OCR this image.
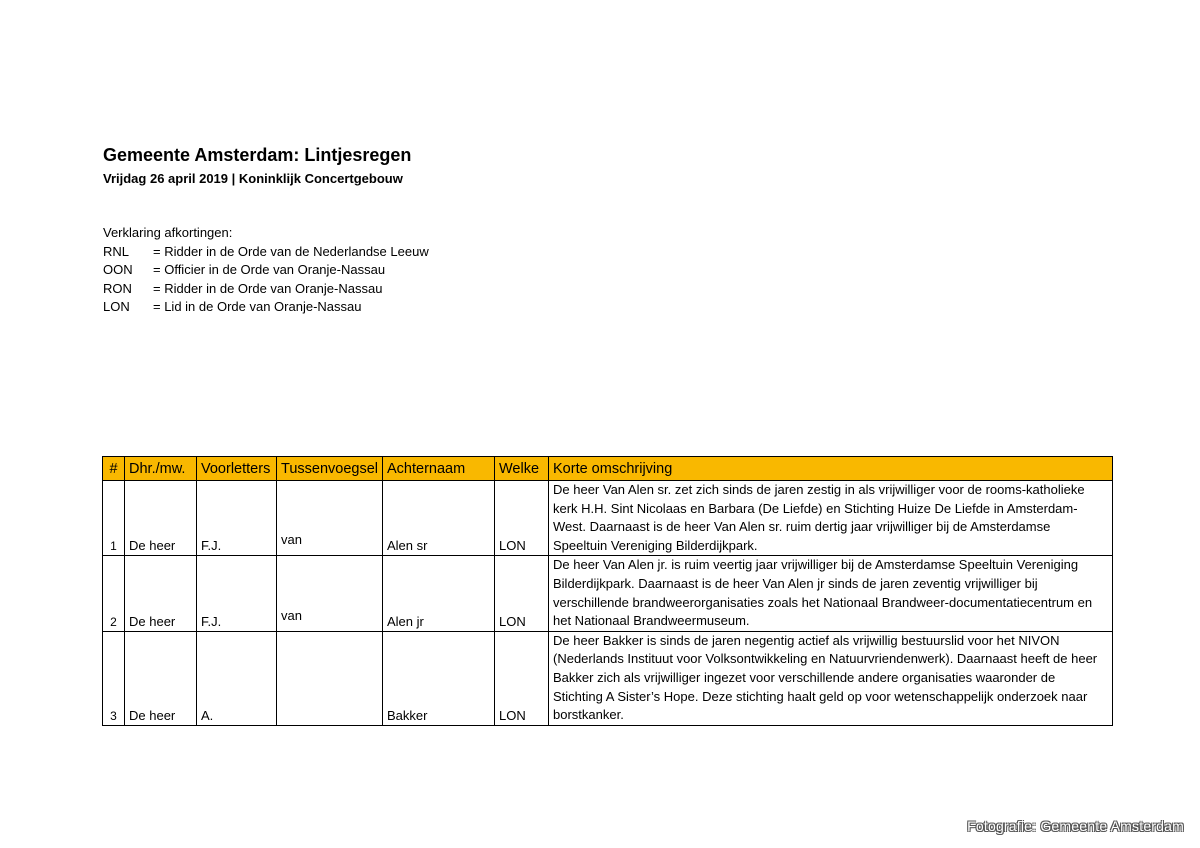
Gemeente Amsterdam: Lintjesregen
Vrijdag 26 april 2019 | Koninklijk Concertgebouw
Verklaring afkortingen:
RNL	= Ridder in de Orde van de Nederlandse Leeuw
OON	= Officier in de Orde van Oranje-Nassau
RON	= Ridder in de Orde van Oranje-Nassau
LON	= Lid in de Orde van Oranje-Nassau
#	Dhr./mw.	Voorletters	Tussenvoegsel	Achternaam	Welke	Korte omschrijving
1	De heer	F.J.	van	Alen sr	LON	De heer Van Alen sr. zet zich sinds de jaren zestig in als vrijwilliger voor de rooms-katholieke kerk H.H. Sint Nicolaas en Barbara (De Liefde) en Stichting Huize De Liefde in Amsterdam-West. Daarnaast is de heer Van Alen sr. ruim dertig jaar vrijwilliger bij de Amsterdamse Speeltuin Vereniging Bilderdijkpark.
2	De heer	F.J.	van	Alen jr	LON	De heer Van Alen jr. is ruim veertig jaar vrijwilliger bij de Amsterdamse Speeltuin Vereniging Bilderdijkpark. Daarnaast is de heer Van Alen jr sinds de jaren zeventig vrijwilliger bij verschillende brandweerorganisaties zoals het Nationaal Brandweer-documentatiecentrum en het Nationaal Brandweermuseum.
3	De heer	A.		Bakker	LON	De heer Bakker is sinds de jaren negentig actief als vrijwillig bestuurslid voor het NIVON (Nederlands Instituut voor Volksontwikkeling en Natuurvriendenwerk). Daarnaast heeft de heer Bakker zich als vrijwilliger ingezet voor verschillende andere organisaties waaronder de Stichting A Sister’s Hope. Deze stichting haalt geld op voor wetenschappelijk onderzoek naar borstkanker.
Fotografie: Gemeente Amsterdam
